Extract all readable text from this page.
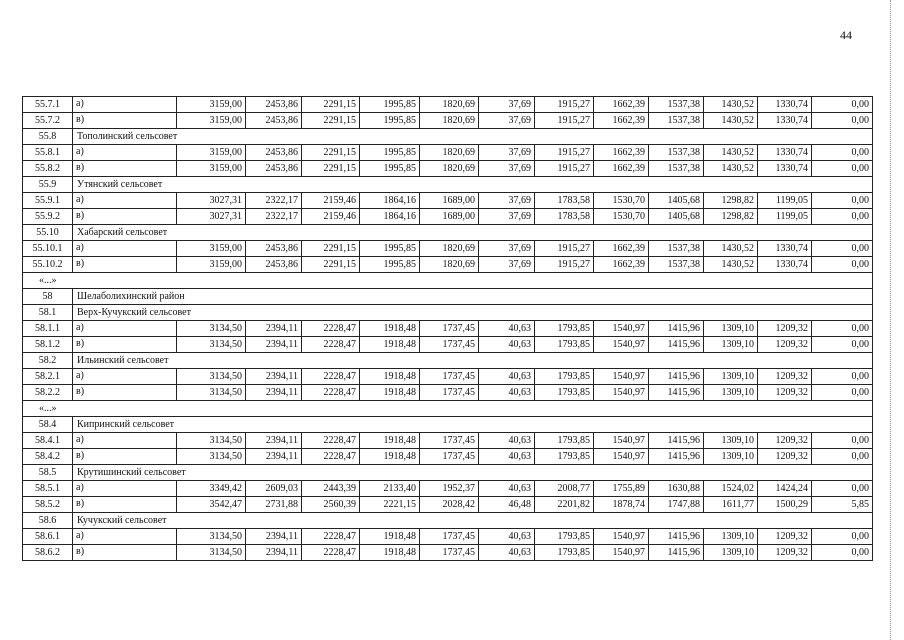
44
55.7.1	а)	3159,00	2453,86	2291,15	1995,85	1820,69	37,69	1915,27	1662,39	1537,38	1430,52	1330,74	0,00
55.7.2	в)	3159,00	2453,86	2291,15	1995,85	1820,69	37,69	1915,27	1662,39	1537,38	1430,52	1330,74	0,00
55.8	Тополинский сельсовет												
55.8.1	а)	3159,00	2453,86	2291,15	1995,85	1820,69	37,69	1915,27	1662,39	1537,38	1430,52	1330,74	0,00
55.8.2	в)	3159,00	2453,86	2291,15	1995,85	1820,69	37,69	1915,27	1662,39	1537,38	1430,52	1330,74	0,00
55.9	Утянский сельсовет												
55.9.1	а)	3027,31	2322,17	2159,46	1864,16	1689,00	37,69	1783,58	1530,70	1405,68	1298,82	1199,05	0,00
55.9.2	в)	3027,31	2322,17	2159,46	1864,16	1689,00	37,69	1783,58	1530,70	1405,68	1298,82	1199,05	0,00
55.10	Хабарский сельсовет												
55.10.1	а)	3159,00	2453,86	2291,15	1995,85	1820,69	37,69	1915,27	1662,39	1537,38	1430,52	1330,74	0,00
55.10.2	в)	3159,00	2453,86	2291,15	1995,85	1820,69	37,69	1915,27	1662,39	1537,38	1430,52	1330,74	0,00
«...»													
58	Шелаболихинский район												
58.1	Верх-Кучукский сельсовет												
58.1.1	а)	3134,50	2394,11	2228,47	1918,48	1737,45	40,63	1793,85	1540,97	1415,96	1309,10	1209,32	0,00
58.1.2	в)	3134,50	2394,11	2228,47	1918,48	1737,45	40,63	1793,85	1540,97	1415,96	1309,10	1209,32	0,00
58.2	Ильинский сельсовет												
58.2.1	а)	3134,50	2394,11	2228,47	1918,48	1737,45	40,63	1793,85	1540,97	1415,96	1309,10	1209,32	0,00
58.2.2	в)	3134,50	2394,11	2228,47	1918,48	1737,45	40,63	1793,85	1540,97	1415,96	1309,10	1209,32	0,00
«...»													
58.4	Кипринский сельсовет												
58.4.1	а)	3134,50	2394,11	2228,47	1918,48	1737,45	40,63	1793,85	1540,97	1415,96	1309,10	1209,32	0,00
58.4.2	в)	3134,50	2394,11	2228,47	1918,48	1737,45	40,63	1793,85	1540,97	1415,96	1309,10	1209,32	0,00
58.5	Крутишинский сельсовет												
58.5.1	а)	3349,42	2609,03	2443,39	2133,40	1952,37	40,63	2008,77	1755,89	1630,88	1524,02	1424,24	0,00
58.5.2	в)	3542,47	2731,88	2560,39	2221,15	2028,42	46,48	2201,82	1878,74	1747,88	1611,77	1500,29	5,85
58.6	Кучукский сельсовет												
58.6.1	а)	3134,50	2394,11	2228,47	1918,48	1737,45	40,63	1793,85	1540,97	1415,96	1309,10	1209,32	0,00
58.6.2	в)	3134,50	2394,11	2228,47	1918,48	1737,45	40,63	1793,85	1540,97	1415,96	1309,10	1209,32	0,00
